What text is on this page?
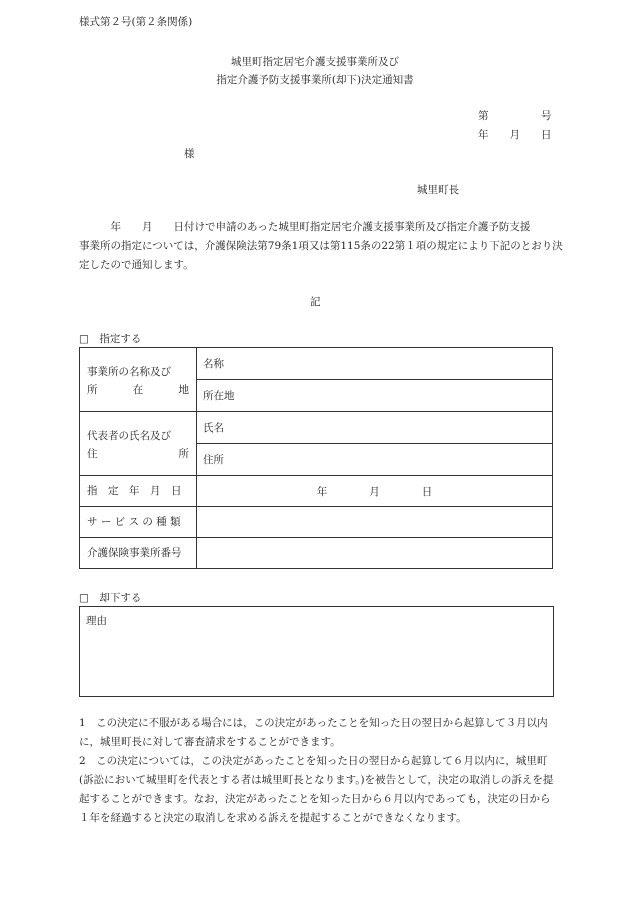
様式第２号(第２条関係)
城里町指定居宅介護支援事業所及び
指定介護予防支援事業所(却下)決定通知書
第　　　　　号
年　　月　　日
様
城里町長
　　　年　　月　　日付けで申請のあった城里町指定居宅介護支援事業所及び指定介護予防支援
事業所の指定については，介護保険法第79条1項又は第115条の22第１項の規定により下記のとおり決
定したので通知します。
記
□　指定する
事業所の名称及び
所 在 地	名称
	所在地

代表者の氏名及び
住 所	氏名
	住所

指　定　年　月　日	年　　　　月　　　　日

サ ー ビ ス の 種 類	

介護保険事業所番号	

□　却下する
理由
1　この決定に不服がある場合には，この決定があったことを知った日の翌日から起算して３月以内に，城里町長に対して審査請求をすることができます。
2　この決定については，この決定があったことを知った日の翌日から起算して６月以内に，城里町(訴訟において城里町を代表とする者は城里町長となります。)を被告として，決定の取消しの訴えを提起することができます。なお，決定があったことを知った日から６月以内であっても，決定の日から１年を経過すると決定の取消しを求める訴えを提起することができなくなります。
